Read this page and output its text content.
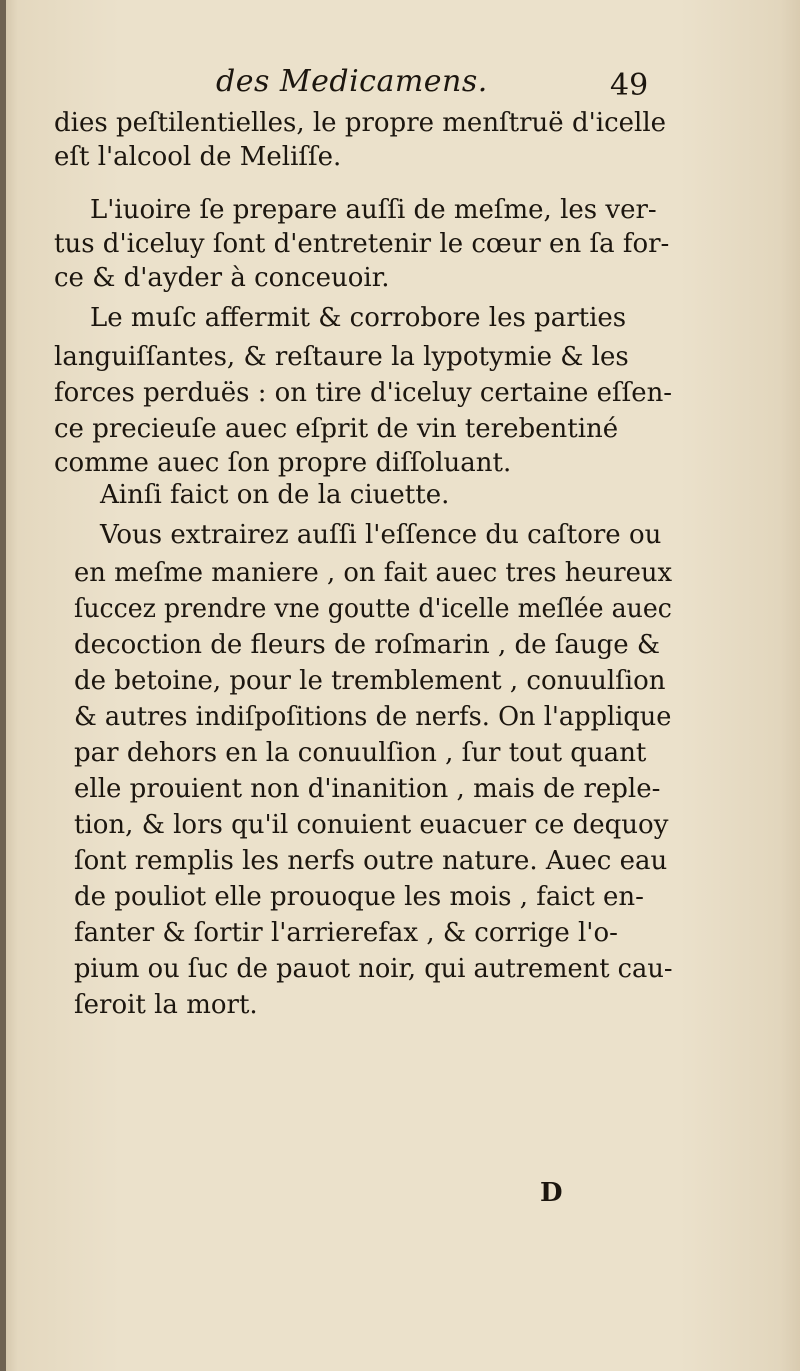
des Medicamens.	49
dies peſtilentielles, le propre menſtruë d'icelle
eſt l'alcool de Meliſſe.
L'iuoire ſe prepare auſſi de meſme, les ver-
tus d'iceluy ſont d'entretenir le cœur en ſa for-
ce & d'ayder à conceuoir.
Le muſc affermit & corrobore les parties
languiſſantes, & reſtaure la lypotymie & les
forces perduës : on tire d'iceluy certaine eſſen-
ce precieuſe auec eſprit de vin terebentiné
comme auec ſon propre diſſoluant.
Ainſi faict on de la ciuette.
Vous extrairez auſſi l'eſſence du caſtore ou
en meſme maniere , on fait auec tres heureux
ſuccez prendre vne goutte d'icelle meſlée auec
decoction de fleurs de roſmarin , de ſauge &
de betoine, pour le tremblement , conuulſion
& autres indiſpoſitions de nerfs. On l'applique
par dehors en la conuulſion , ſur tout quant
elle prouient non d'inanition , mais de reple-
tion, & lors qu'il conuient euacuer ce dequoy
ſont remplis les nerfs outre nature. Auec eau
de pouliot elle prouoque les mois , faict en-
fanter & ſortir l'arrierefax , & corrige l'o-
pium ou ſuc de pauot noir, qui autrement cau-
ſeroit la mort.
D
